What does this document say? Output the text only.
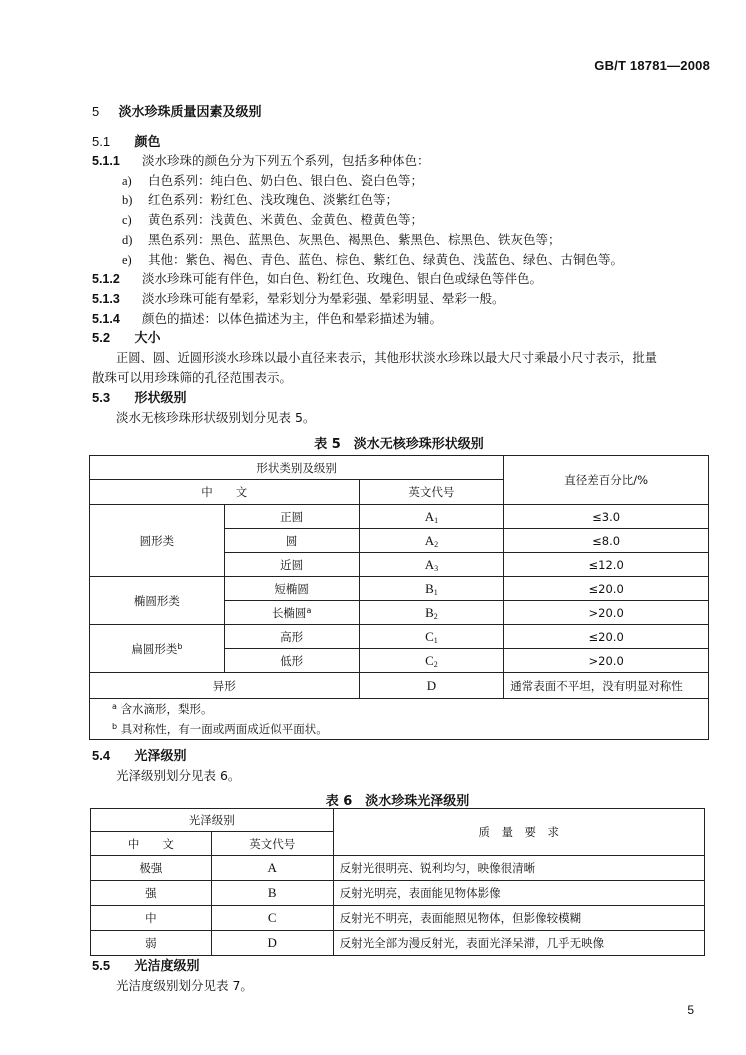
GB/T 18781—2008
5 淡水珍珠质量因素及级别
5.1 颜色
5.1.1 淡水珍珠的颜色分为下列五个系列，包括多种体色：
a) 白色系列：纯白色、奶白色、银白色、瓷白色等；
b) 红色系列：粉红色、浅玫瑰色、淡紫红色等；
c) 黄色系列：浅黄色、米黄色、金黄色、橙黄色等；
d) 黑色系列：黑色、蓝黑色、灰黑色、褐黑色、紫黑色、棕黑色、铁灰色等；
e) 其他：紫色、褐色、青色、蓝色、棕色、紫红色、绿黄色、浅蓝色、绿色、古铜色等。
5.1.2 淡水珍珠可能有伴色，如白色、粉红色、玫瑰色、银白色或绿色等伴色。
5.1.3 淡水珍珠可能有晕彩，晕彩划分为晕彩强、晕彩明显、晕彩一般。
5.1.4 颜色的描述：以体色描述为主，伴色和晕彩描述为辅。
5.2 大小
正圆、圆、近圆形淡水珍珠以最小直径来表示，其他形状淡水珍珠以最大尺寸乘最小尺寸表示，批量
散珠可以用珍珠筛的孔径范围表示。
5.3 形状级别
淡水无核珍珠形状级别划分见表 5。
表 5　淡水无核珍珠形状级别
形状类别及级别			直径差百分比/%
中　　文		英文代号	
圆形类	正圆	$A_1$	≤3.0
	圆	$A_2$	≤8.0
	近圆	$A_3$	≤12.0
椭圆形类	短椭圆	$B_1$	≤20.0
	长椭圆$^a$	$B_2$	>20.0
扁圆形类$^b$	高形	$C_1$	≤20.0
	低形	$C_2$	>20.0
异形		D	通常表面不平坦，没有明显对称性
$^a$ 含水滴形，梨形。			
$^b$ 具对称性，有一面或两面成近似平面状。			
5.4 光泽级别
光泽级别划分见表 6。
表 6　淡水珍珠光泽级别
光泽级别		质　量　要　求
中　　文	英文代号	
极强	A	反射光很明亮、锐利均匀，映像很清晰
强	B	反射光明亮，表面能见物体影像
中	C	反射光不明亮，表面能照见物体，但影像较模糊
弱	D	反射光全部为漫反射光，表面光泽呆滞，几乎无映像
5.5 光洁度级别
光洁度级别划分见表 7。
5
